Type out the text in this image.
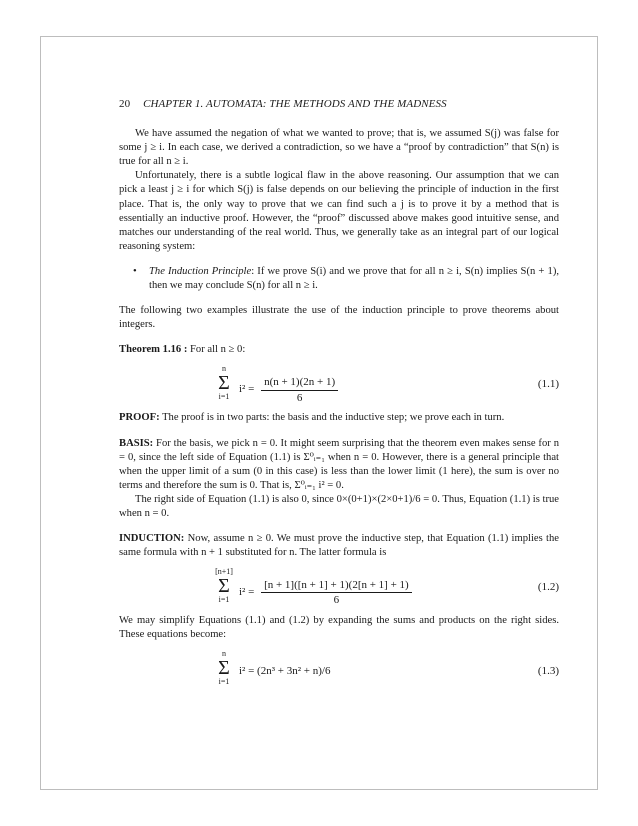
20 CHAPTER 1. AUTOMATA: THE METHODS AND THE MADNESS

We have assumed the negation of what we wanted to prove; that is, we assumed S(j) was false for some j ≥ i. In each case, we derived a contradiction, so we have a “proof by contradiction” that S(n) is true for all n ≥ i.

Unfortunately, there is a subtle logical flaw in the above reasoning. Our assumption that we can pick a least j ≥ i for which S(j) is false depends on our believing the principle of induction in the first place. That is, the only way to prove that we can find such a j is to prove it by a method that is essentially an inductive proof. However, the “proof” discussed above makes good intuitive sense, and matches our understanding of the real world. Thus, we generally take as an integral part of our logical reasoning system:

• The Induction Principle: If we prove S(i) and we prove that for all n ≥ i, S(n) implies S(n + 1), then we may conclude S(n) for all n ≥ i.

The following two examples illustrate the use of the induction principle to prove theorems about integers.

Theorem 1.16 : For all n ≥ 0:

n
Σ
i=1
$i^2 = \frac{n(n + 1)(2n + 1)}{6}$	(1.1)

PROOF: The proof is in two parts: the basis and the inductive step; we prove each in turn.

BASIS: For the basis, we pick n = 0. It might seem surprising that the theorem even makes sense for n = 0, since the left side of Equation (1.1) is Σ⁰ᵢ₌₁ when n = 0. However, there is a general principle that when the upper limit of a sum (0 in this case) is less than the lower limit (1 here), the sum is over no terms and therefore the sum is 0. That is, Σ⁰ᵢ₌₁ i² = 0.

The right side of Equation (1.1) is also 0, since 0×(0+1)×(2×0+1)/6 = 0. Thus, Equation (1.1) is true when n = 0.

INDUCTION: Now, assume n ≥ 0. We must prove the inductive step, that Equation (1.1) implies the same formula with n + 1 substituted for n. The latter formula is

[n+1]
Σ
i=1
$i^2 = \frac{[n + 1]([n + 1] + 1)(2[n + 1] + 1)}{6}$	(1.2)

We may simplify Equations (1.1) and (1.2) by expanding the sums and products on the right sides. These equations become:

n
Σ
i=1
i² = (2n³ + 3n² + n)/6	(1.3)
